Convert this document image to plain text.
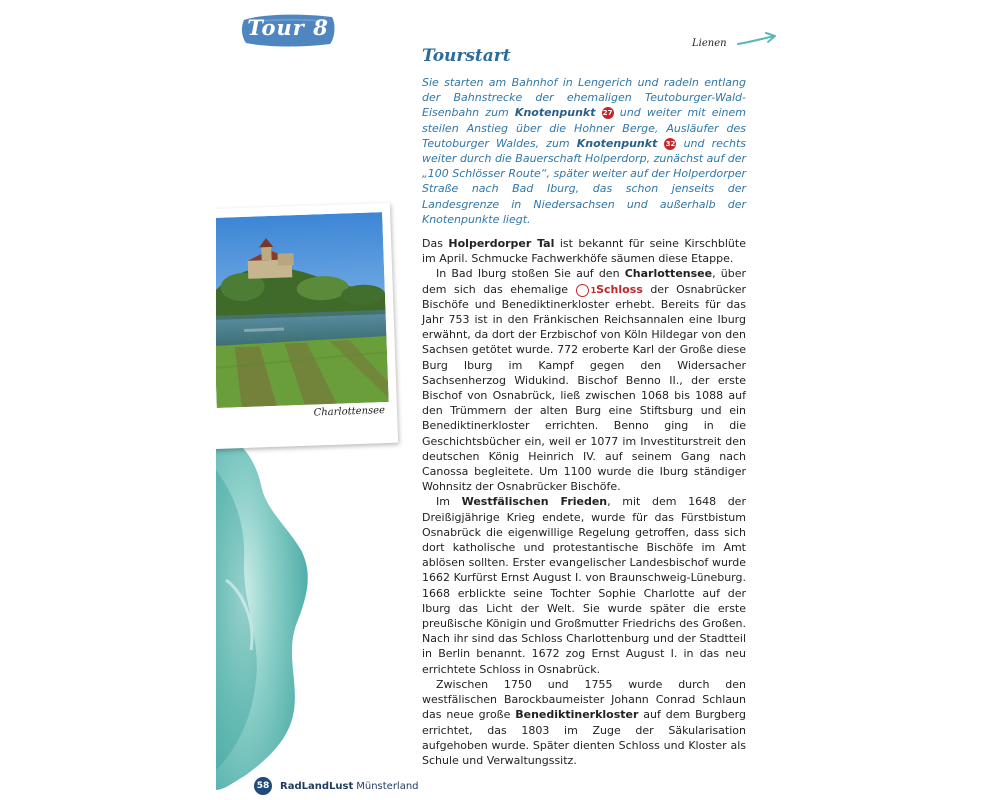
Tour 8
Lienen
Tourstart

Sie starten am Bahnhof in Lengerich und radeln entlang der Bahnstrecke der ehemaligen Teutoburger-Wald-Eisenbahn zum Knotenpunkt 27 und weiter mit einem steilen Anstieg über die Hohner Berge, Ausläufer des Teutoburger Waldes, zum Knotenpunkt 32 und rechts weiter durch die Bauerschaft Holperdorp, zunächst auf der „100 Schlösser Route“, später weiter auf der Holperdorper Straße nach Bad Iburg, das schon jenseits der Landesgrenze in Niedersachsen und außerhalb der Knotenpunkte liegt.

Das Holperdorper Tal ist bekannt für seine Kirschblüte im April. Schmucke Fachwerkhöfe säumen diese Etappe.

In Bad Iburg stoßen Sie auf den Charlottensee, über dem sich das ehemalige 1 Schloss der Osnabrücker Bischöfe und Benediktinerkloster erhebt. Bereits für das Jahr 753 ist in den Fränkischen Reichsannalen eine Iburg erwähnt, da dort der Erzbischof von Köln Hildegar von den Sachsen getötet wurde. 772 eroberte Karl der Große diese Burg Iburg im Kampf gegen den Widersacher Sachsenherzog Widukind. Bischof Benno II., der erste Bischof von Osnabrück, ließ zwischen 1068 bis 1088 auf den Trümmern der alten Burg eine Stiftsburg und ein Benediktinerkloster errichten. Benno ging in die Geschichtsbücher ein, weil er 1077 im Investiturstreit den deutschen König Heinrich IV. auf seinem Gang nach Canossa begleitete. Um 1100 wurde die Iburg ständiger Wohnsitz der Osnabrücker Bischöfe.

Im Westfälischen Frieden, mit dem 1648 der Dreißigjährige Krieg endete, wurde für das Fürstbistum Osnabrück die eigenwillige Regelung getroffen, dass sich dort katholische und protestantische Bischöfe im Amt ablösen sollten. Erster evangelischer Landesbischof wurde 1662 Kurfürst Ernst August I. von Braunschweig-Lüneburg. 1668 erblickte seine Tochter Sophie Charlotte auf der Iburg das Licht der Welt. Sie wurde später die erste preußische Königin und Großmutter Friedrichs des Großen. Nach ihr sind das Schloss Charlottenburg und der Stadtteil in Berlin benannt. 1672 zog Ernst August I. in das neu errichtete Schloss in Osnabrück.

Zwischen 1750 und 1755 wurde durch den westfälischen Barockbaumeister Johann Conrad Schlaun das neue große Benediktinerkloster auf dem Burgberg errichtet, das 1803 im Zuge der Säkularisation aufgehoben wurde. Später dienten Schloss und Kloster als Schule und Verwaltungssitz.

Charlottensee
58 RadLandLust Münsterland
